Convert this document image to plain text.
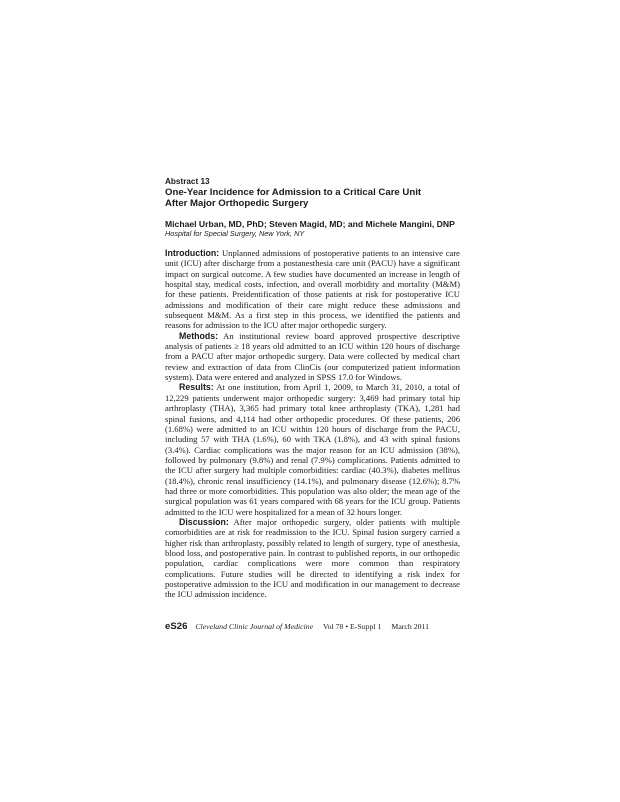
Abstract 13

One-Year Incidence for Admission to a Critical Care Unit
After Major Orthopedic Surgery

Michael Urban, MD, PhD; Steven Magid, MD; and Michele Mangini, DNP

Hospital for Special Surgery, New York, NY

Introduction: Unplanned admissions of postoperative patients to an intensive care unit (ICU) after discharge from a postanesthesia care unit (PACU) have a significant impact on surgical outcome. A few studies have documented an increase in length of hospital stay, medical costs, infection, and overall morbidity and mortality (M&M) for these patients. Preidentification of those patients at risk for postoperative ICU admissions and modification of their care might reduce these admissions and subsequent M&M. As a first step in this process, we identified the patients and reasons for admission to the ICU after major orthopedic surgery.

Methods: An institutional review board approved prospective descriptive analysis of patients ≥ 18 years old admitted to an ICU within 120 hours of discharge from a PACU after major orthopedic surgery. Data were collected by medical chart review and extraction of data from ClinCis (our computerized patient information system). Data were entered and analyzed in SPSS 17.0 for Windows.

Results: At one institution, from April 1, 2009, to March 31, 2010, a total of 12,229 patients underwent major orthopedic surgery: 3,469 had primary total hip arthroplasty (THA), 3,365 had primary total knee arthroplasty (TKA), 1,281 had spinal fusions, and 4,114 had other orthopedic procedures. Of these patients, 206 (1.68%) were admitted to an ICU within 120 hours of discharge from the PACU, including 57 with THA (1.6%), 60 with TKA (1.8%), and 43 with spinal fusions (3.4%). Cardiac complications was the major reason for an ICU admission (38%), followed by pulmonary (9.8%) and renal (7.9%) complications. Patients admitted to the ICU after surgery had multiple comorbidities: cardiac (40.3%), diabetes mellitus (18.4%), chronic renal insufficiency (14.1%), and pulmonary disease (12.6%); 8.7% had three or more comorbidities. This population was also older; the mean age of the surgical population was 61 years compared with 68 years for the ICU group. Patients admitted to the ICU were hospitalized for a mean of 32 hours longer.

Discussion: After major orthopedic surgery, older patients with multiple comorbidities are at risk for readmission to the ICU. Spinal fusion surgery carried a higher risk than arthroplasty, possibly related to length of surgery, type of anesthesia, blood loss, and postoperative pain. In contrast to published reports, in our orthopedic population, cardiac complications were more common than respiratory complications. Future studies will be directed to identifying a risk index for postoperative admission to the ICU and modification in our management to decrease the ICU admission incidence.

eS26 Cleveland Clinic Journal of Medicine Vol 78 • E-Suppl 1 March 2011
